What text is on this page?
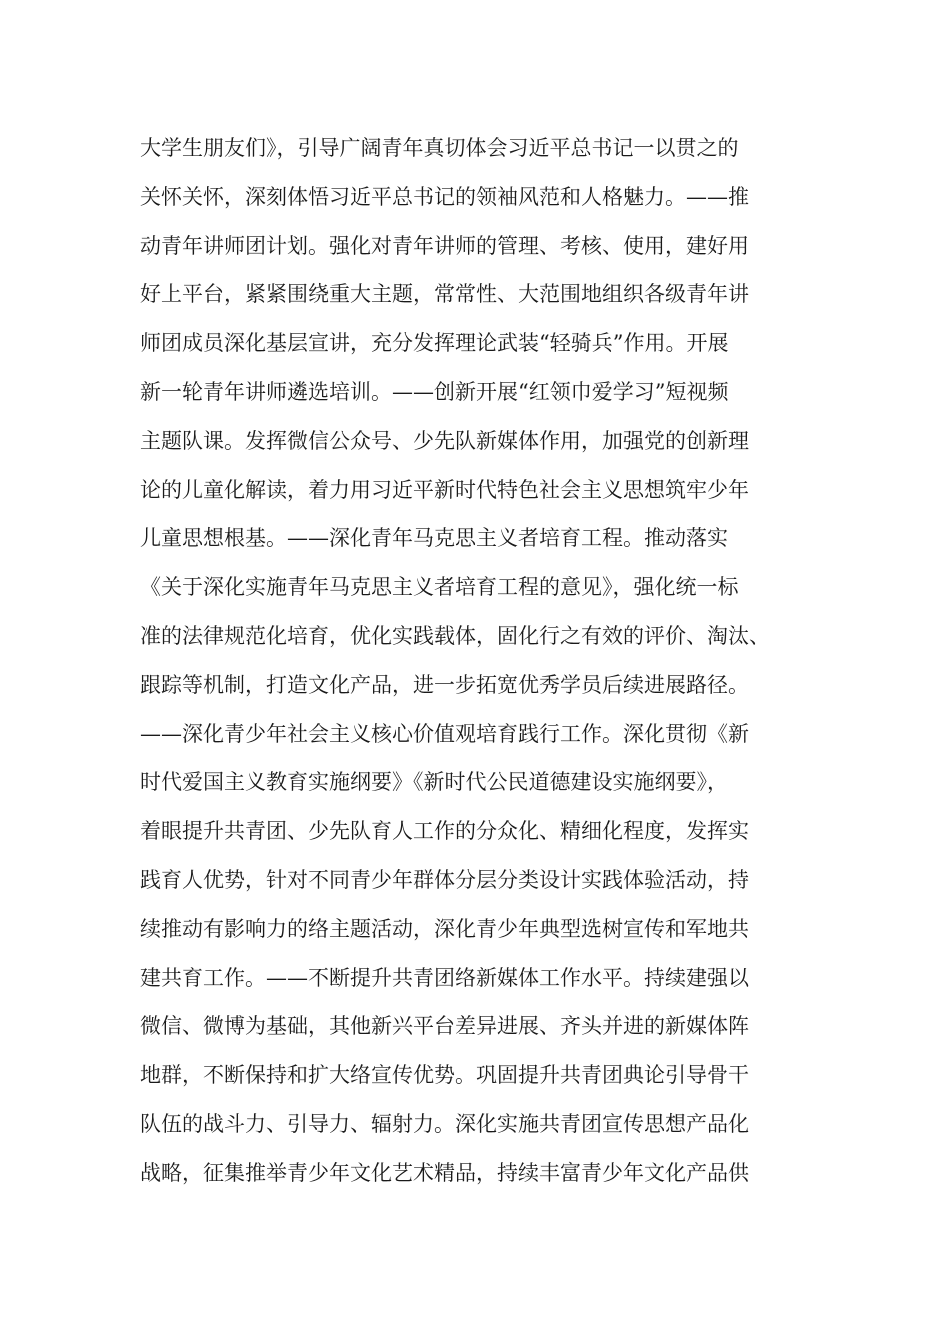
大学生朋友们》，引导广阔青年真切体会习近平总书记一以贯之的
关怀关怀，深刻体悟习近平总书记的领袖风范和人格魅力。——推
动青年讲师团计划。强化对青年讲师的管理、考核、使用，建好用
好上平台，紧紧围绕重大主题，常常性、大范围地组织各级青年讲
师团成员深化基层宣讲，充分发挥理论武装“轻骑兵”作用。开展
新一轮青年讲师遴选培训。——创新开展“红领巾爱学习”短视频
主题队课。发挥微信公众号、少先队新媒体作用，加强党的创新理
论的儿童化解读，着力用习近平新时代特色社会主义思想筑牢少年
儿童思想根基。——深化青年马克思主义者培育工程。推动落实
《关于深化实施青年马克思主义者培育工程的意见》，强化统一标
准的法律规范化培育，优化实践载体，固化行之有效的评价、淘汰、
跟踪等机制，打造文化产品，进一步拓宽优秀学员后续进展路径。
——深化青少年社会主义核心价值观培育践行工作。深化贯彻《新
时代爱国主义教育实施纲要》《新时代公民道德建设实施纲要》，
着眼提升共青团、少先队育人工作的分众化、精细化程度，发挥实
践育人优势，针对不同青少年群体分层分类设计实践体验活动，持
续推动有影响力的络主题活动，深化青少年典型选树宣传和军地共
建共育工作。——不断提升共青团络新媒体工作水平。持续建强以
微信、微博为基础，其他新兴平台差异进展、齐头并进的新媒体阵
地群，不断保持和扩大络宣传优势。巩固提升共青团典论引导骨干
队伍的战斗力、引导力、辐射力。深化实施共青团宣传思想产品化
战略，征集推举青少年文化艺术精品，持续丰富青少年文化产品供
